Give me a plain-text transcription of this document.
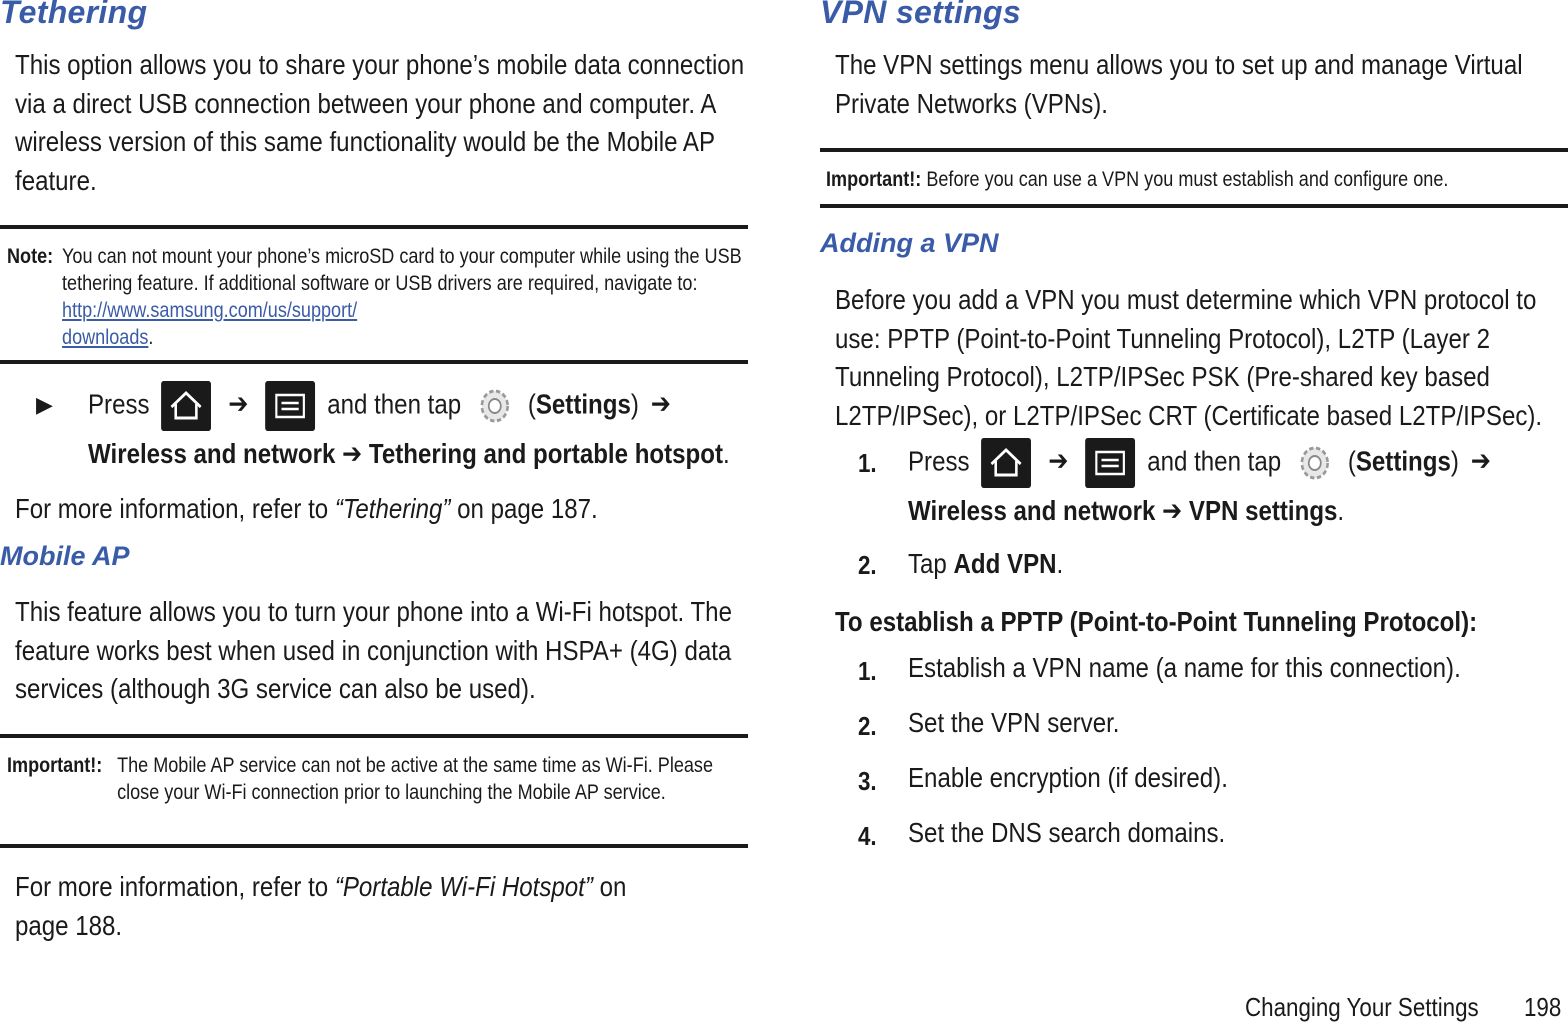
Tethering

This option allows you to share your phone’s mobile data connection via a direct USB connection between your phone and computer. A wireless version of this same functionality would be the Mobile AP feature.

Note: You can not mount your phone’s microSD card to your computer while using the USB tethering feature. If additional software or USB drivers are required, navigate to: http://www.samsung.com/us/support/
downloads.
▶ Press	➔	and then tap  (Settings) ➔
Wireless and network ➔ Tethering and portable hotspot.

For more information, refer to “Tethering” on page 187.

Mobile AP

This feature allows you to turn your phone into a Wi-Fi hotspot. The feature works best when used in conjunction with HSPA+ (4G) data services (although 3G service can also be used).

Important!: The Mobile AP service can not be active at the same time as Wi-Fi. Please close your Wi-Fi connection prior to launching the Mobile AP service.

For more information, refer to “Portable Wi-Fi Hotspot” on page 188.

VPN settings

The VPN settings menu allows you to set up and manage Virtual Private Networks (VPNs).

Important!: Before you can use a VPN you must establish and configure one.
Adding a VPN

Before you add a VPN you must determine which VPN protocol to use: PPTP (Point-to-Point Tunneling Protocol), L2TP (Layer 2 Tunneling Protocol), L2TP/IPSec PSK (Pre-shared key based L2TP/IPSec), or L2TP/IPSec CRT (Certificate based L2TP/IPSec).

1. Press	➔	and then tap  (Settings) ➔
Wireless and network ➔ VPN settings.
2. Tap Add VPN.
To establish a PPTP (Point-to-Point Tunneling Protocol):
1. Establish a VPN name (a name for this connection).
2. Set the VPN server.
3. Enable encryption (if desired).
4. Set the DNS search domains.
Changing Your Settings 198
